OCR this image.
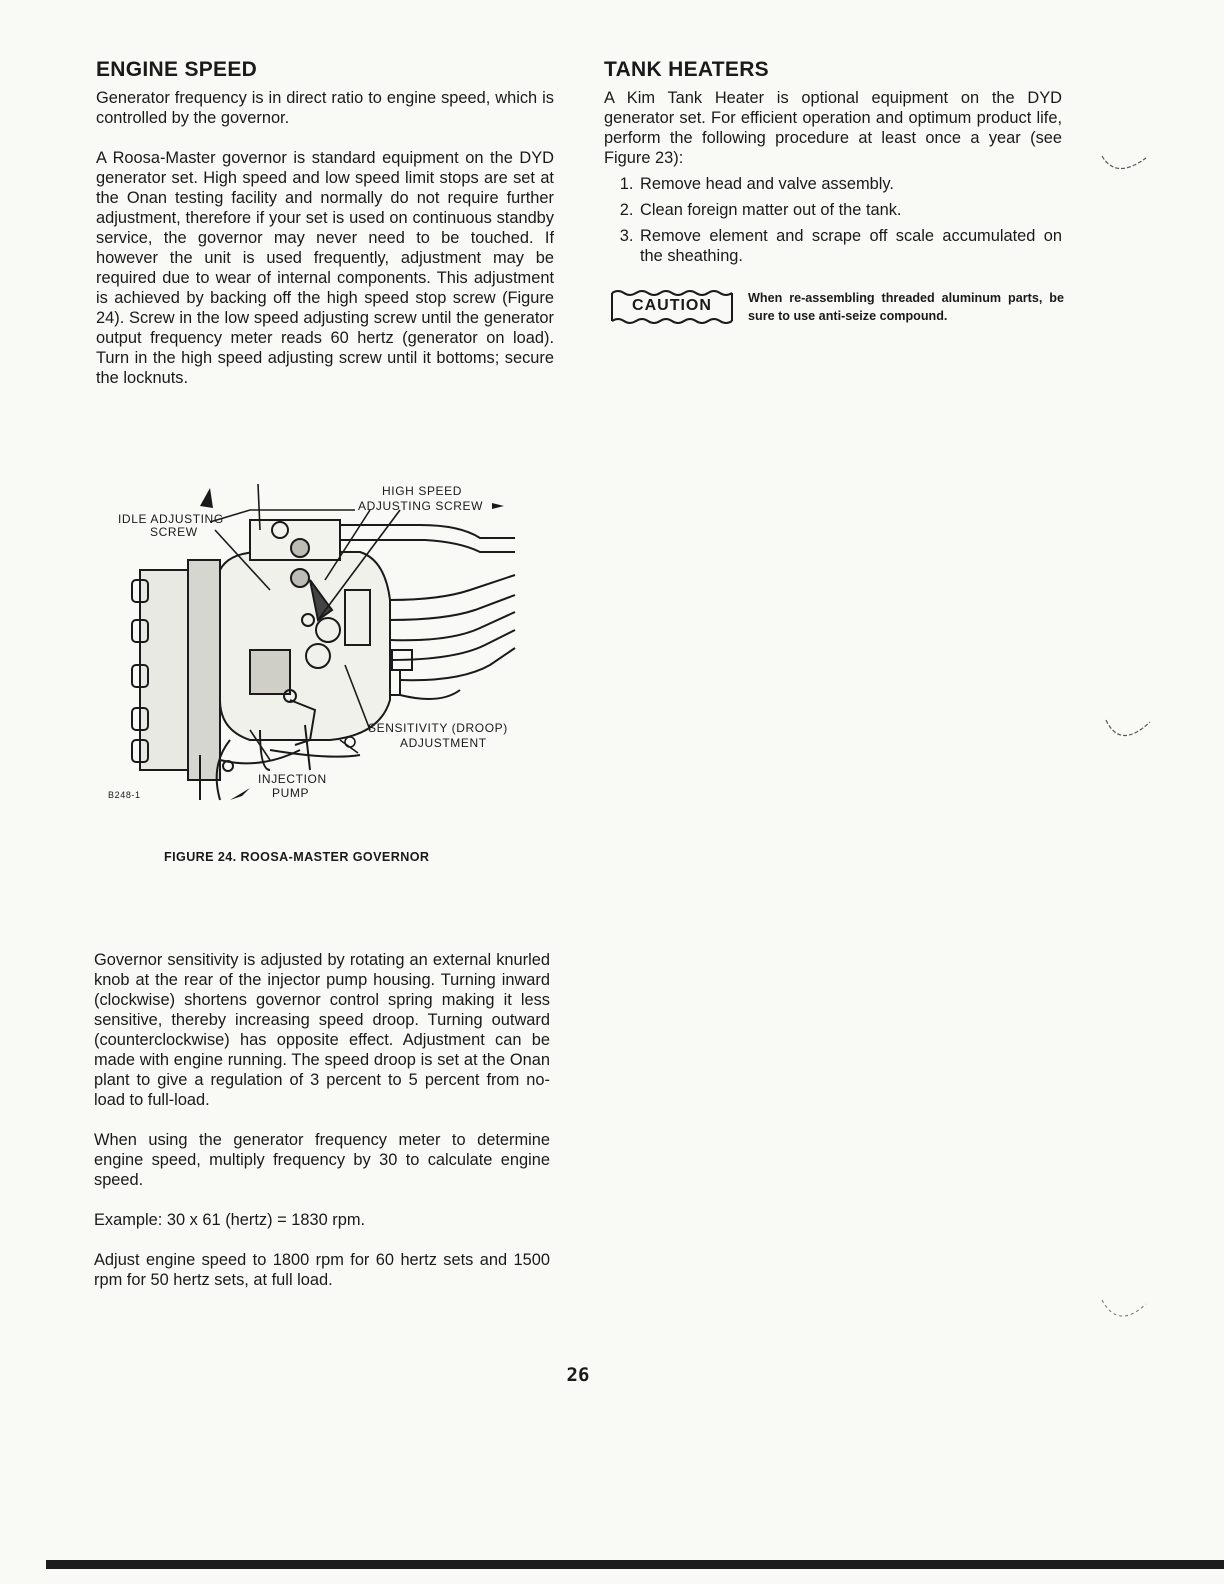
ENGINE SPEED

Generator frequency is in direct ratio to engine speed, which is controlled by the governor.

A Roosa-Master governor is standard equipment on the DYD generator set. High speed and low speed limit stops are set at the Onan testing facility and normally do not require further adjustment, therefore if your set is used on continuous standby service, the governor may never need to be touched. If however the unit is used frequently, adjustment may be required due to wear of internal components. This adjustment is achieved by backing off the high speed stop screw (Figure 24). Screw in the low speed adjusting screw until the generator output frequency meter reads 60 hertz (generator on load). Turn in the high speed adjusting screw until it bottoms; secure the locknuts.

HIGH SPEED
ADJUSTING SCREW
IDLE ADJUSTING
SCREW
SENSITIVITY (DROOP)
ADJUSTMENT
INJECTION
PUMP
B248-1
FIGURE 24. ROOSA-MASTER GOVERNOR

Governor sensitivity is adjusted by rotating an external knurled knob at the rear of the injector pump housing. Turning inward (clockwise) shortens governor control spring making it less sensitive, thereby increasing speed droop. Turning outward (counterclockwise) has opposite effect. Adjustment can be made with engine running. The speed droop is set at the Onan plant to give a regulation of 3 percent to 5 percent from no-load to full-load.

When using the generator frequency meter to determine engine speed, multiply frequency by 30 to calculate engine speed.

Example: 30 x 61 (hertz) = 1830 rpm.

Adjust engine speed to 1800 rpm for 60 hertz sets and 1500 rpm for 50 hertz sets, at full load.

TANK HEATERS

A Kim Tank Heater is optional equipment on the DYD generator set. For efficient operation and optimum product life, perform the following procedure at least once a year (see Figure 23):

1. Remove head and valve assembly.
2. Clean foreign matter out of the tank.
3. Remove element and scrape off scale accumulated on the sheathing.
CAUTION	When re-assembling threaded aluminum parts, be sure to use anti-seize compound.
26
